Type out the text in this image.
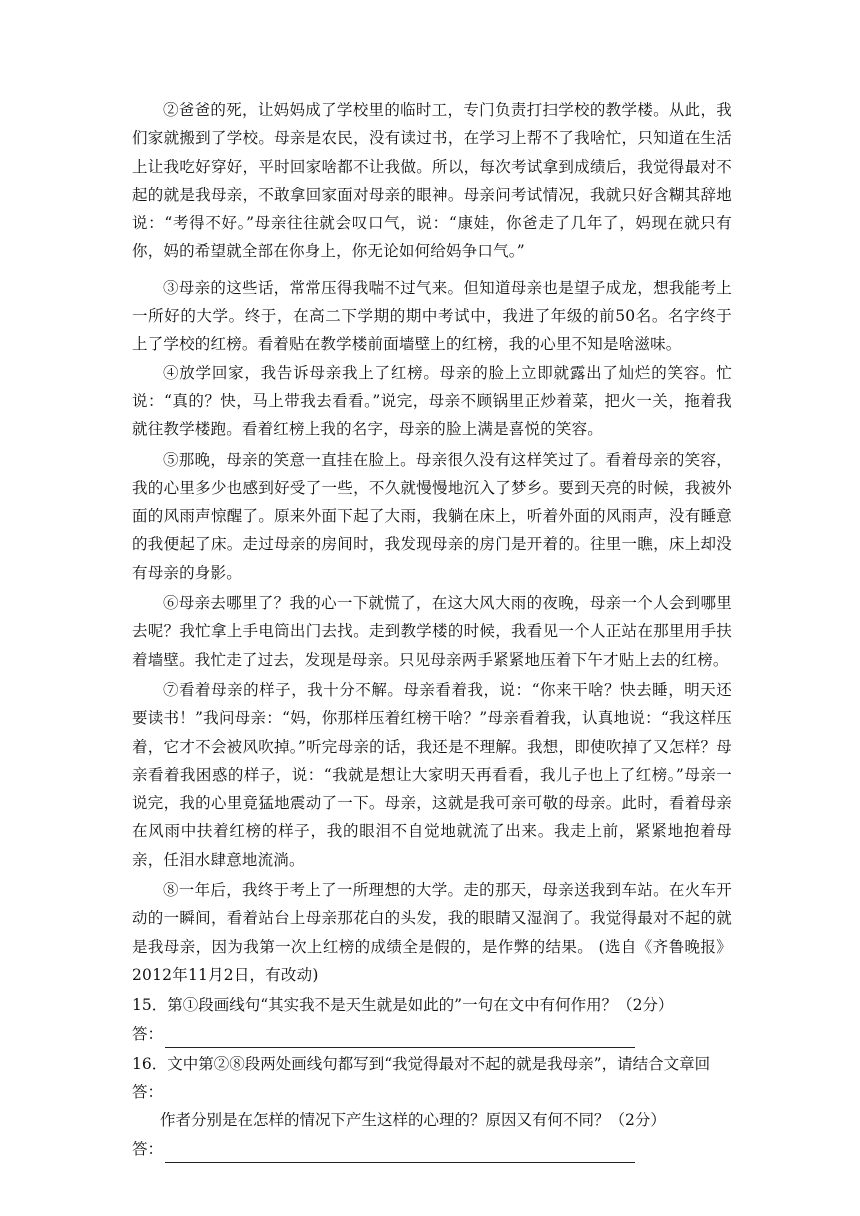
②爸爸的死，让妈妈成了学校里的临时工，专门负责打扫学校的教学楼。从此，我们家就搬到了学校。母亲是农民，没有读过书，在学习上帮不了我啥忙，只知道在生活上让我吃好穿好，平时回家啥都不让我做。所以，每次考试拿到成绩后，我觉得最对不起的就是我母亲，不敢拿回家面对母亲的眼神。母亲问考试情况，我就只好含糊其辞地说：“考得不好。”母亲往往就会叹口气，说：“康娃，你爸走了几年了，妈现在就只有你，妈的希望就全部在你身上，你无论如何给妈争口气。”

③母亲的这些话，常常压得我喘不过气来。但知道母亲也是望子成龙，想我能考上一所好的大学。终于，在高二下学期的期中考试中，我进了年级的前50名。名字终于上了学校的红榜。看着贴在教学楼前面墙壁上的红榜，我的心里不知是啥滋味。

④放学回家，我告诉母亲我上了红榜。母亲的脸上立即就露出了灿烂的笑容。忙说：“真的？快，马上带我去看看。”说完，母亲不顾锅里正炒着菜，把火一关，拖着我就往教学楼跑。看着红榜上我的名字，母亲的脸上满是喜悦的笑容。

⑤那晚，母亲的笑意一直挂在脸上。母亲很久没有这样笑过了。看着母亲的笑容，我的心里多少也感到好受了一些，不久就慢慢地沉入了梦乡。要到天亮的时候，我被外面的风雨声惊醒了。原来外面下起了大雨，我躺在床上，听着外面的风雨声，没有睡意的我便起了床。走过母亲的房间时，我发现母亲的房门是开着的。往里一瞧，床上却没有母亲的身影。

⑥母亲去哪里了？我的心一下就慌了，在这大风大雨的夜晚，母亲一个人会到哪里去呢？我忙拿上手电筒出门去找。走到教学楼的时候，我看见一个人正站在那里用手扶着墙壁。我忙走了过去，发现是母亲。只见母亲两手紧紧地压着下午才贴上去的红榜。

⑦看着母亲的样子，我十分不解。母亲看着我，说：“你来干啥？快去睡，明天还要读书！”我问母亲：“妈，你那样压着红榜干啥？”母亲看着我，认真地说：“我这样压着，它才不会被风吹掉。”听完母亲的话，我还是不理解。我想，即使吹掉了又怎样？母亲看着我困惑的样子，说：“我就是想让大家明天再看看，我儿子也上了红榜。”母亲一说完，我的心里竟猛地震动了一下。母亲，这就是我可亲可敬的母亲。此时，看着母亲在风雨中扶着红榜的样子，我的眼泪不自觉地就流了出来。我走上前，紧紧地抱着母亲，任泪水肆意地流淌。

⑧一年后，我终于考上了一所理想的大学。走的那天，母亲送我到车站。在火车开动的一瞬间，看着站台上母亲那花白的头发，我的眼睛又湿润了。我觉得最对不起的就是我母亲，因为我第一次上红榜的成绩全是假的，是作弊的结果。 (选自《齐鲁晚报》2012年11月2日，有改动)

15．第①段画线句“其实我不是天生就是如此的”一句在文中有何作用？（2分）

答：

16．文中第②⑧段两处画线句都写到“我觉得最对不起的就是我母亲”，请结合文章回答：

作者分别是在怎样的情况下产生这样的心理的？原因又有何不同？（2分）

答：
